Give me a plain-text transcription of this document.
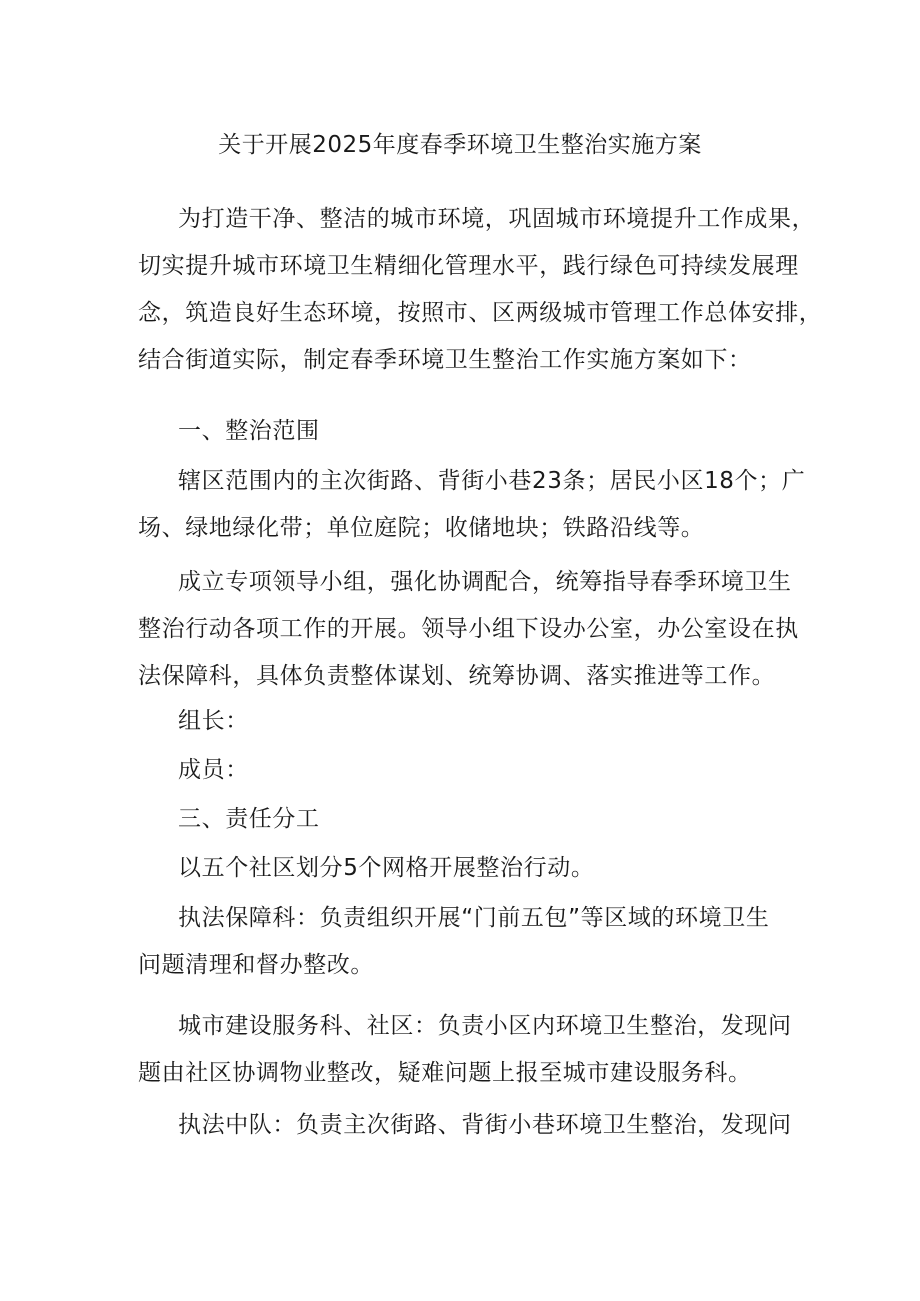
关于开展2025年度春季环境卫生整治实施方案

为打造干净、整洁的城市环境，巩固城市环境提升工作成果，
切实提升城市环境卫生精细化管理水平，践行绿色可持续发展理
念，筑造良好生态环境，按照市、区两级城市管理工作总体安排，
结合街道实际，制定春季环境卫生整治工作实施方案如下：

一、整治范围

辖区范围内的主次街路、背街小巷23条；居民小区18个；广
场、绿地绿化带；单位庭院；收储地块；铁路沿线等。

成立专项领导小组，强化协调配合，统筹指导春季环境卫生
整治行动各项工作的开展。领导小组下设办公室，办公室设在执
法保障科，具体负责整体谋划、统筹协调、落实推进等工作。

组长：

成员：

三、责任分工

以五个社区划分5个网格开展整治行动。

执法保障科：负责组织开展“门前五包”等区域的环境卫生
问题清理和督办整改。

城市建设服务科、社区：负责小区内环境卫生整治，发现问
题由社区协调物业整改，疑难问题上报至城市建设服务科。

执法中队：负责主次街路、背街小巷环境卫生整治，发现问
